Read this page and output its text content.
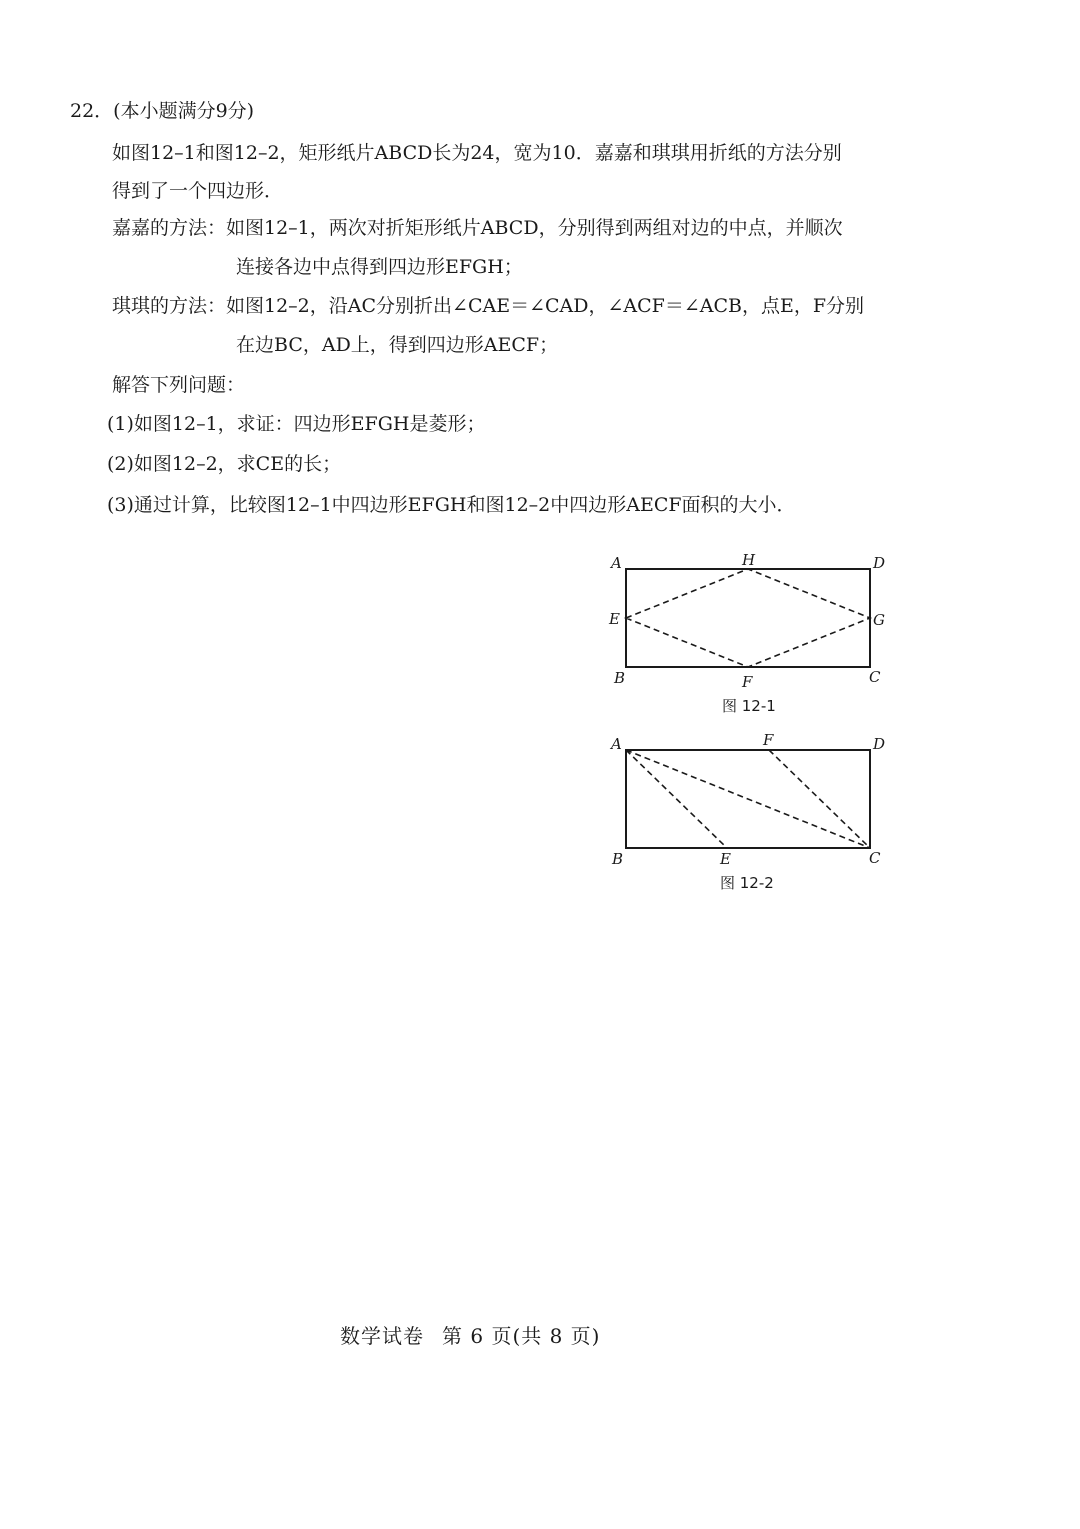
22．(本小题满分9分)
如图12–1和图12–2，矩形纸片ABCD长为24，宽为10．嘉嘉和琪琪用折纸的方法分别
得到了一个四边形．
嘉嘉的方法：如图12–1，两次对折矩形纸片ABCD，分别得到两组对边的中点，并顺次
连接各边中点得到四边形EFGH；
琪琪的方法：如图12–2，沿AC分别折出∠CAE＝∠CAD，∠ACF＝∠ACB，点E，F分别
在边BC，AD上，得到四边形AECF；
解答下列问题：
(1)如图12–1，求证：四边形EFGH是菱形；
(2)如图12–2，求CE的长；
(3)通过计算，比较图12–1中四边形EFGH和图12–2中四边形AECF面积的大小．
A	H	D
E	G
B	F	C
图 12-1
A	F	D
B	E	C
图 12-2
数学试卷 第 6 页(共 8 页)
